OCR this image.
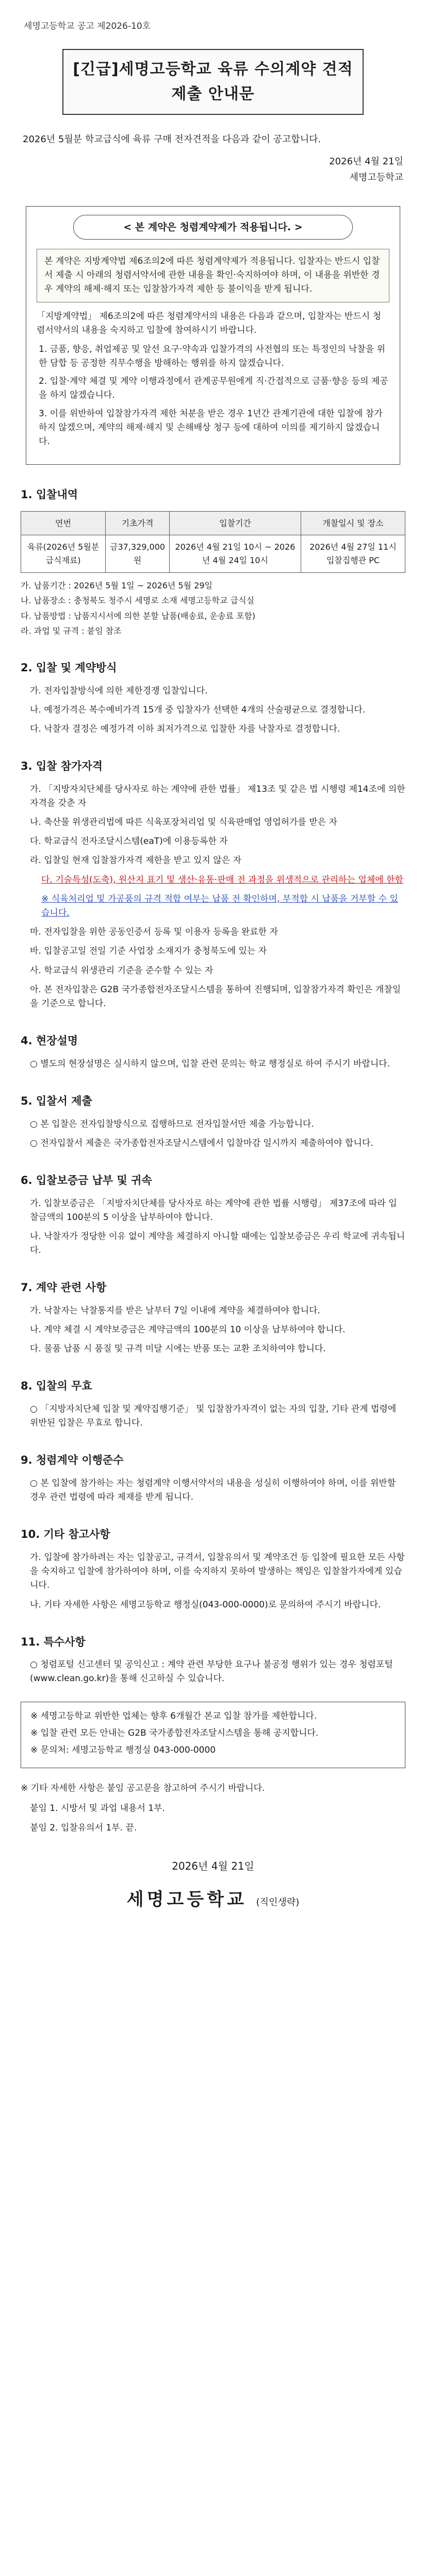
세명고등학교 공고 제2026-10호
[긴급]세명고등학교 육류 수의계약 견적제출 안내문
2026년 5월분 학교급식에 육류 구매 전자견적을 다음과 같이 공고합니다.
2026년 4월 21일
세명고등학교
< 본 계약은 청렴계약제가 적용됩니다. >
본 계약은 지방계약법 제6조의2에 따른 청렴계약제가 적용됩니다. 입찰자는 반드시 입찰서 제출 시 아래의 청렴서약서에 관한 내용을 확인·숙지하여야 하며, 이 내용을 위반한 경우 계약의 해제·해지 또는 입찰참가자격 제한 등 불이익을 받게 됩니다.

「지방계약법」 제6조의2에 따른 청렴계약서의 내용은 다음과 같으며, 입찰자는 반드시 청렴서약서의 내용을 숙지하고 입찰에 참여하시기 바랍니다.

1. 금품, 향응, 취업제공 및 알선 요구·약속과 입찰가격의 사전협의 또는 특정인의 낙찰을 위한 담합 등 공정한 직무수행을 방해하는 행위를 하지 않겠습니다.
2. 입찰·계약 체결 및 계약 이행과정에서 관계공무원에게 직·간접적으로 금품·향응 등의 제공을 하지 않겠습니다.
3. 이를 위반하여 입찰참가자격 제한 처분을 받은 경우 1년간 관계기관에 대한 입찰에 참가하지 않겠으며, 계약의 해제·해지 및 손해배상 청구 등에 대하여 이의를 제기하지 않겠습니다.
1. 입찰내역
연번	기초가격	입찰기간	개찰일시 및 장소
육류(2026년 5월분 급식재료)	금37,329,000원	2026년 4월 21일 10시 ~ 2026년 4월 24일 10시	2026년 4월 27일 11시 입찰집행관 PC
가. 납품기간 : 2026년 5월 1일 ~ 2026년 5월 29일
나. 납품장소 : 충청북도 청주시 세명로 소재 세명고등학교 급식실
다. 납품방법 : 납품지시서에 의한 분할 납품(배송료, 운송료 포함)
라. 과업 및 규격 : 붙임 참조
2. 입찰 및 계약방식
가. 전자입찰방식에 의한 제한경쟁 입찰입니다.
나. 예정가격은 복수예비가격 15개 중 입찰자가 선택한 4개의 산술평균으로 결정합니다.
다. 낙찰자 결정은 예정가격 이하 최저가격으로 입찰한 자를 낙찰자로 결정합니다.
3. 입찰 참가자격
가. 「지방자치단체를 당사자로 하는 계약에 관한 법률」 제13조 및 같은 법 시행령 제14조에 의한 자격을 갖춘 자
나. 축산물 위생관리법에 따른 식육포장처리업 및 식육판매업 영업허가를 받은 자
다. 학교급식 전자조달시스템(eaT)에 이용등록한 자
라. 입찰일 현재 입찰참가자격 제한을 받고 있지 않은 자
다. 기술특성(도축), 원산지 표기 및 생산·유통·판매 전 과정을 위생적으로 관리하는 업체에 한함
※ 식육처리업 및 가공품의 규격 적합 여부는 납품 전 확인하며, 부적합 시 납품을 거부할 수 있습니다.
마. 전자입찰을 위한 공동인증서 등록 및 이용자 등록을 완료한 자
바. 입찰공고일 전일 기준 사업장 소재지가 충청북도에 있는 자
사. 학교급식 위생관리 기준을 준수할 수 있는 자
아. 본 전자입찰은 G2B 국가종합전자조달시스템을 통하여 진행되며, 입찰참가자격 확인은 개찰일을 기준으로 합니다.
4. 현장설명
○ 별도의 현장설명은 실시하지 않으며, 입찰 관련 문의는 학교 행정실로 하여 주시기 바랍니다.
5. 입찰서 제출
○ 본 입찰은 전자입찰방식으로 집행하므로 전자입찰서만 제출 가능합니다.
○ 전자입찰서 제출은 국가종합전자조달시스템에서 입찰마감 일시까지 제출하여야 합니다.
6. 입찰보증금 납부 및 귀속
가. 입찰보증금은 「지방자치단체를 당사자로 하는 계약에 관한 법률 시행령」 제37조에 따라 입찰금액의 100분의 5 이상을 납부하여야 합니다.
나. 낙찰자가 정당한 이유 없이 계약을 체결하지 아니할 때에는 입찰보증금은 우리 학교에 귀속됩니다.
7. 계약 관련 사항
가. 낙찰자는 낙찰통지를 받은 날부터 7일 이내에 계약을 체결하여야 합니다.
나. 계약 체결 시 계약보증금은 계약금액의 100분의 10 이상을 납부하여야 합니다.
다. 물품 납품 시 품질 및 규격 미달 시에는 반품 또는 교환 조치하여야 합니다.
8. 입찰의 무효
○ 「지방자치단체 입찰 및 계약집행기준」 및 입찰참가자격이 없는 자의 입찰, 기타 관계 법령에 위반된 입찰은 무효로 합니다.
9. 청렴계약 이행준수
○ 본 입찰에 참가하는 자는 청렴계약 이행서약서의 내용을 성실히 이행하여야 하며, 이를 위반할 경우 관련 법령에 따라 제재를 받게 됩니다.
10. 기타 참고사항
가. 입찰에 참가하려는 자는 입찰공고, 규격서, 입찰유의서 및 계약조건 등 입찰에 필요한 모든 사항을 숙지하고 입찰에 참가하여야 하며, 이를 숙지하지 못하여 발생하는 책임은 입찰참가자에게 있습니다.
나. 기타 자세한 사항은 세명고등학교 행정실(043-000-0000)로 문의하여 주시기 바랍니다.
11. 특수사항
○ 청렴포털 신고센터 및 공익신고 : 계약 관련 부당한 요구나 불공정 행위가 있는 경우 청렴포털(www.clean.go.kr)을 통해 신고하실 수 있습니다.
※ 세명고등학교 위반한 업체는 향후 6개월간 본교 입찰 참가를 제한합니다.
※ 입찰 관련 모든 안내는 G2B 국가종합전자조달시스템을 통해 공지합니다.
※ 문의처: 세명고등학교 행정실 043-000-0000
※ 기타 자세한 사항은 붙임 공고문을 참고하여 주시기 바랍니다.
붙임 1. 시방서 및 과업 내용서 1부.
붙임 2. 입찰유의서 1부. 끝.
2026년 4월 21일
세명고등학교 (직인생략)
